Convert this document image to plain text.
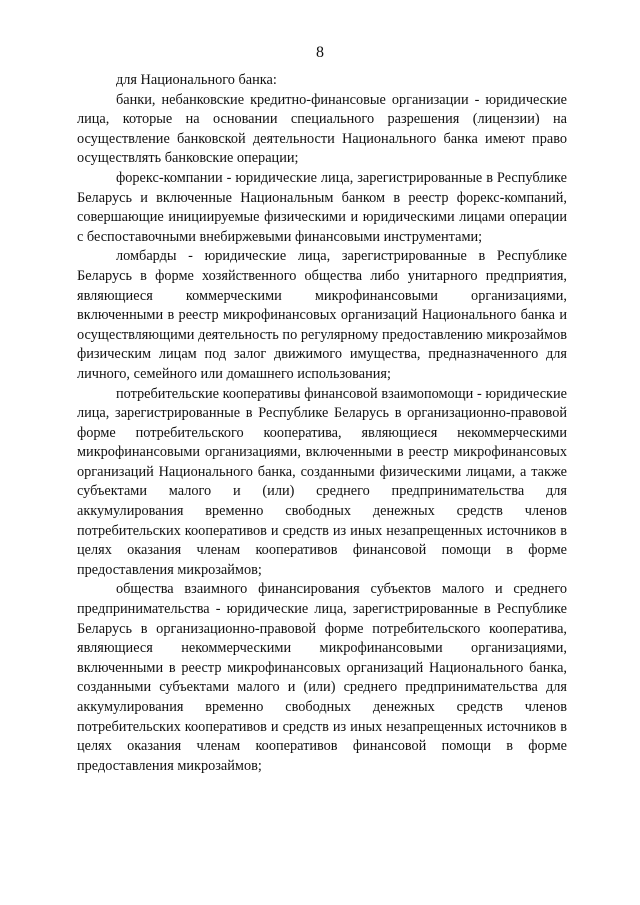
8

для Национального банка:

банки, небанковские кредитно-финансовые организации - юридические лица, которые на основании специального разрешения (лицензии) на осуществление банковской деятельности Национального банка имеют право осуществлять банковские операции;

форекс-компании - юридические лица, зарегистрированные в Республике Беларусь и включенные Национальным банком в реестр форекс-компаний, совершающие инициируемые физическими и юридическими лицами операции с беспоставочными внебиржевыми финансовыми инструментами;

ломбарды - юридические лица, зарегистрированные в Республике Беларусь в форме хозяйственного общества либо унитарного предприятия, являющиеся коммерческими микрофинансовыми организациями, включенными в реестр микрофинансовых организаций Национального банка и осуществляющими деятельность по регулярному предоставлению микрозаймов физическим лицам под залог движимого имущества, предназначенного для личного, семейного или домашнего использования;

потребительские кооперативы финансовой взаимопомощи - юридические лица, зарегистрированные в Республике Беларусь в организационно-правовой форме потребительского кооператива, являющиеся некоммерческими микрофинансовыми организациями, включенными в реестр микрофинансовых организаций Национального банка, созданными физическими лицами, а также субъектами малого и (или) среднего предпринимательства для аккумулирования временно свободных денежных средств членов потребительских кооперативов и средств из иных незапрещенных источников в целях оказания членам кооперативов финансовой помощи в форме предоставления микрозаймов;

общества взаимного финансирования субъектов малого и среднего предпринимательства - юридические лица, зарегистрированные в Республике Беларусь в организационно-правовой форме потребительского кооператива, являющиеся некоммерческими микрофинансовыми организациями, включенными в реестр микрофинансовых организаций Национального банка, созданными субъектами малого и (или) среднего предпринимательства для аккумулирования временно свободных денежных средств членов потребительских кооперативов и средств из иных незапрещенных источников в целях оказания членам кооперативов финансовой помощи в форме предоставления микрозаймов;
